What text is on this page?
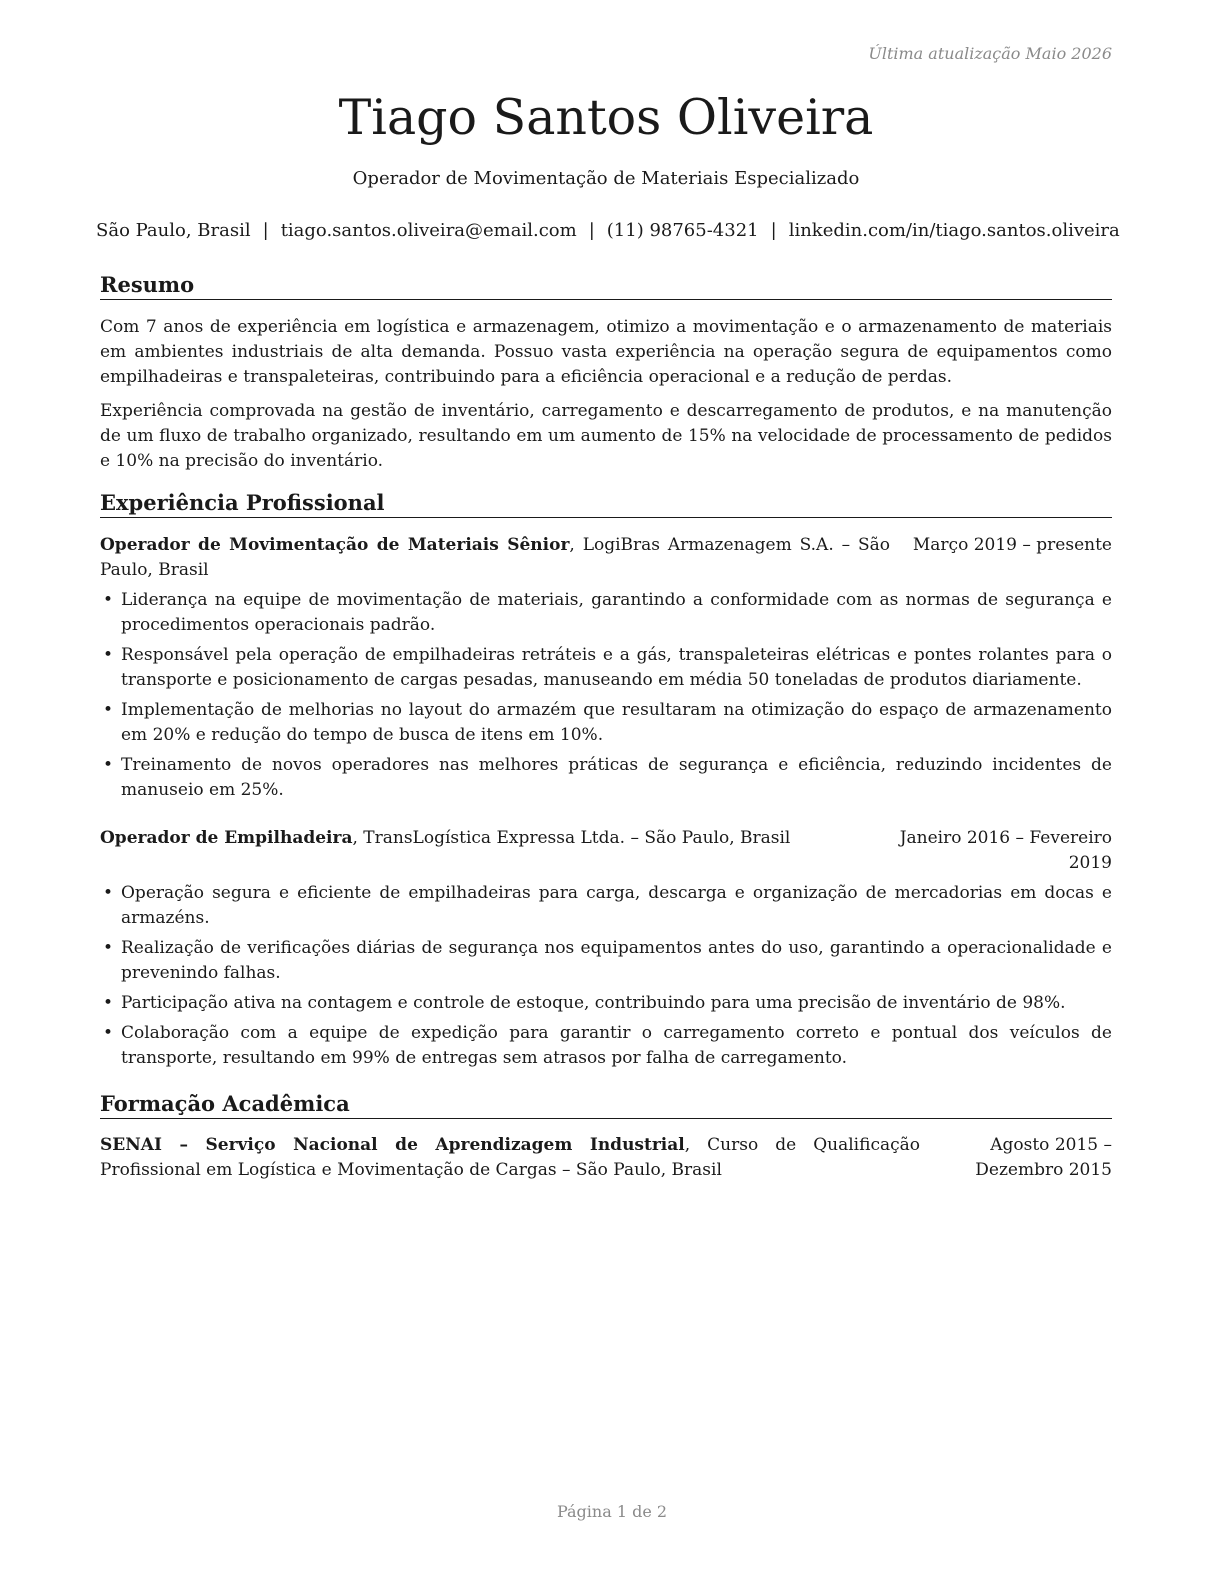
Última atualização Maio 2026
Tiago Santos Oliveira
Operador de Movimentação de Materiais Especializado
São Paulo, Brasil | tiago.santos.oliveira@email.com | (11) 98765-4321 | linkedin.com/in/tiago.santos.oliveira
Resumo

Com 7 anos de experiência em logística e armazenagem, otimizo a movimentação e o armazenamento de materiais em ambientes industriais de alta demanda. Possuo vasta experiência na operação segura de equipamentos como empilhadeiras e transpaleteiras, contribuindo para a eficiência operacional e a redução de perdas.

Experiência comprovada na gestão de inventário, carregamento e descarregamento de produtos, e na manutenção de um fluxo de trabalho organizado, resultando em um aumento de 15% na velocidade de processamento de pedidos e 10% na precisão do inventário.

Experiência Profissional
Operador de Movimentação de Materiais Sênior, LogiBras Armazenagem S.A. – São Paulo, Brasil
Março 2019 – presente
• Liderança na equipe de movimentação de materiais, garantindo a conformidade com as normas de segurança e procedimentos operacionais padrão.
• Responsável pela operação de empilhadeiras retráteis e a gás, transpaleteiras elétricas e pontes rolantes para o transporte e posicionamento de cargas pesadas, manuseando em média 50 toneladas de produtos diariamente.
• Implementação de melhorias no layout do armazém que resultaram na otimização do espaço de armazenamento em 20% e redução do tempo de busca de itens em 10%.
• Treinamento de novos operadores nas melhores práticas de segurança e eficiência, reduzindo incidentes de manuseio em 25%.
Operador de Empilhadeira, TransLogística Expressa Ltda. – São Paulo, Brasil	Janeiro 2016 – Fevereiro 2019
• Operação segura e eficiente de empilhadeiras para carga, descarga e organização de mercadorias em docas e armazéns.
• Realização de verificações diárias de segurança nos equipamentos antes do uso, garantindo a operacionalidade e prevenindo falhas.
• Participação ativa na contagem e controle de estoque, contribuindo para uma precisão de inventário de 98%.
• Colaboração com a equipe de expedição para garantir o carregamento correto e pontual dos veículos de transporte, resultando em 99% de entregas sem atrasos por falha de carregamento.
Formação Acadêmica
SENAI – Serviço Nacional de Aprendizagem Industrial, Curso de Qualificação Profissional em Logística e Movimentação de Cargas – São Paulo, Brasil
Agosto 2015 – Dezembro 2015
Página 1 de 2
